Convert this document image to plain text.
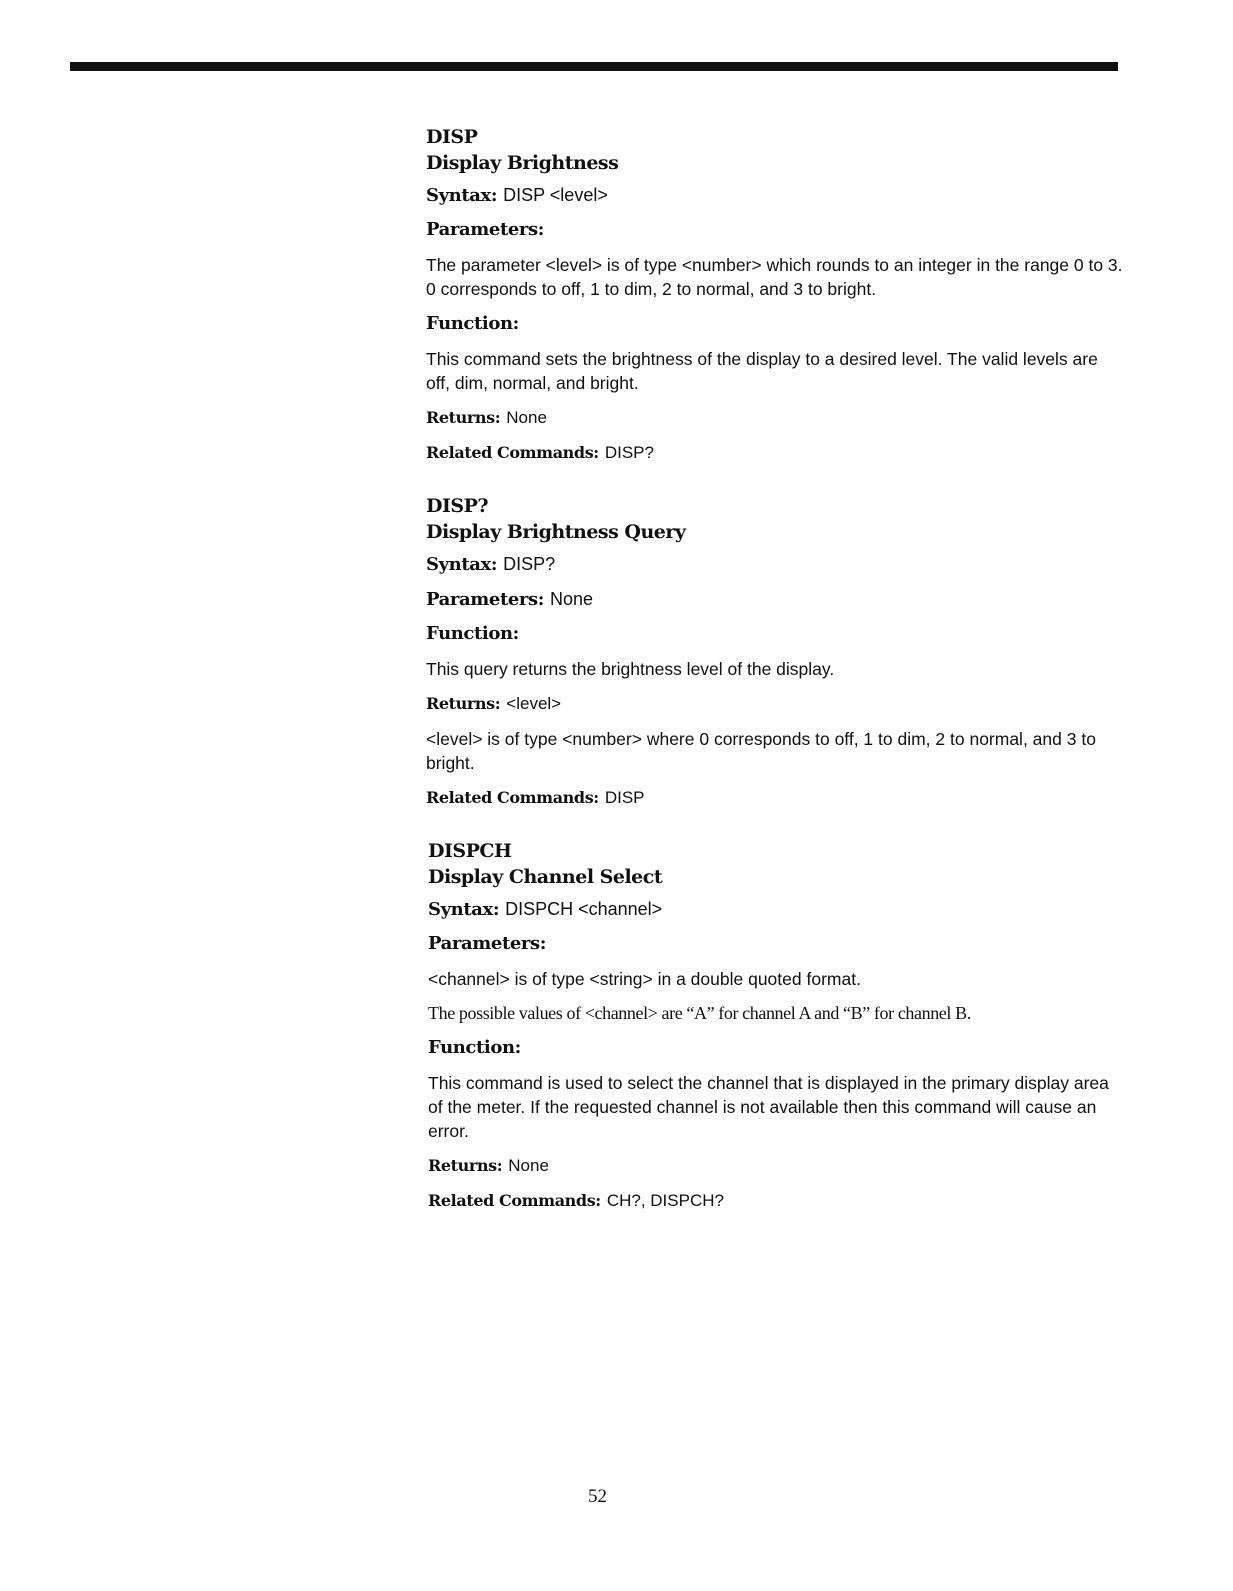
DISP
Display Brightness
Syntax: DISP <level>
Parameters:
The parameter <level> is of type <number> which rounds to an integer in the range 0 to 3. 0 corresponds to off, 1 to dim, 2 to normal, and 3 to bright.
Function:
This command sets the brightness of the display to a desired level. The valid levels are off, dim, normal, and bright.
Returns: None
Related Commands: DISP?
DISP?
Display Brightness Query
Syntax: DISP?
Parameters: None
Function:
This query returns the brightness level of the display.
Returns: <level>
<level> is of type <number> where 0 corresponds to off, 1 to dim, 2 to normal, and 3 to bright.
Related Commands: DISP
DISPCH
Display Channel Select
Syntax: DISPCH <channel>
Parameters:
<channel> is of type <string> in a double quoted format.
The possible values of <channel> are “A” for channel A and “B” for channel B.
Function:
This command is used to select the channel that is displayed in the primary display area of the meter. If the requested channel is not available then this command will cause an error.
Returns: None
Related Commands: CH?, DISPCH?
52
